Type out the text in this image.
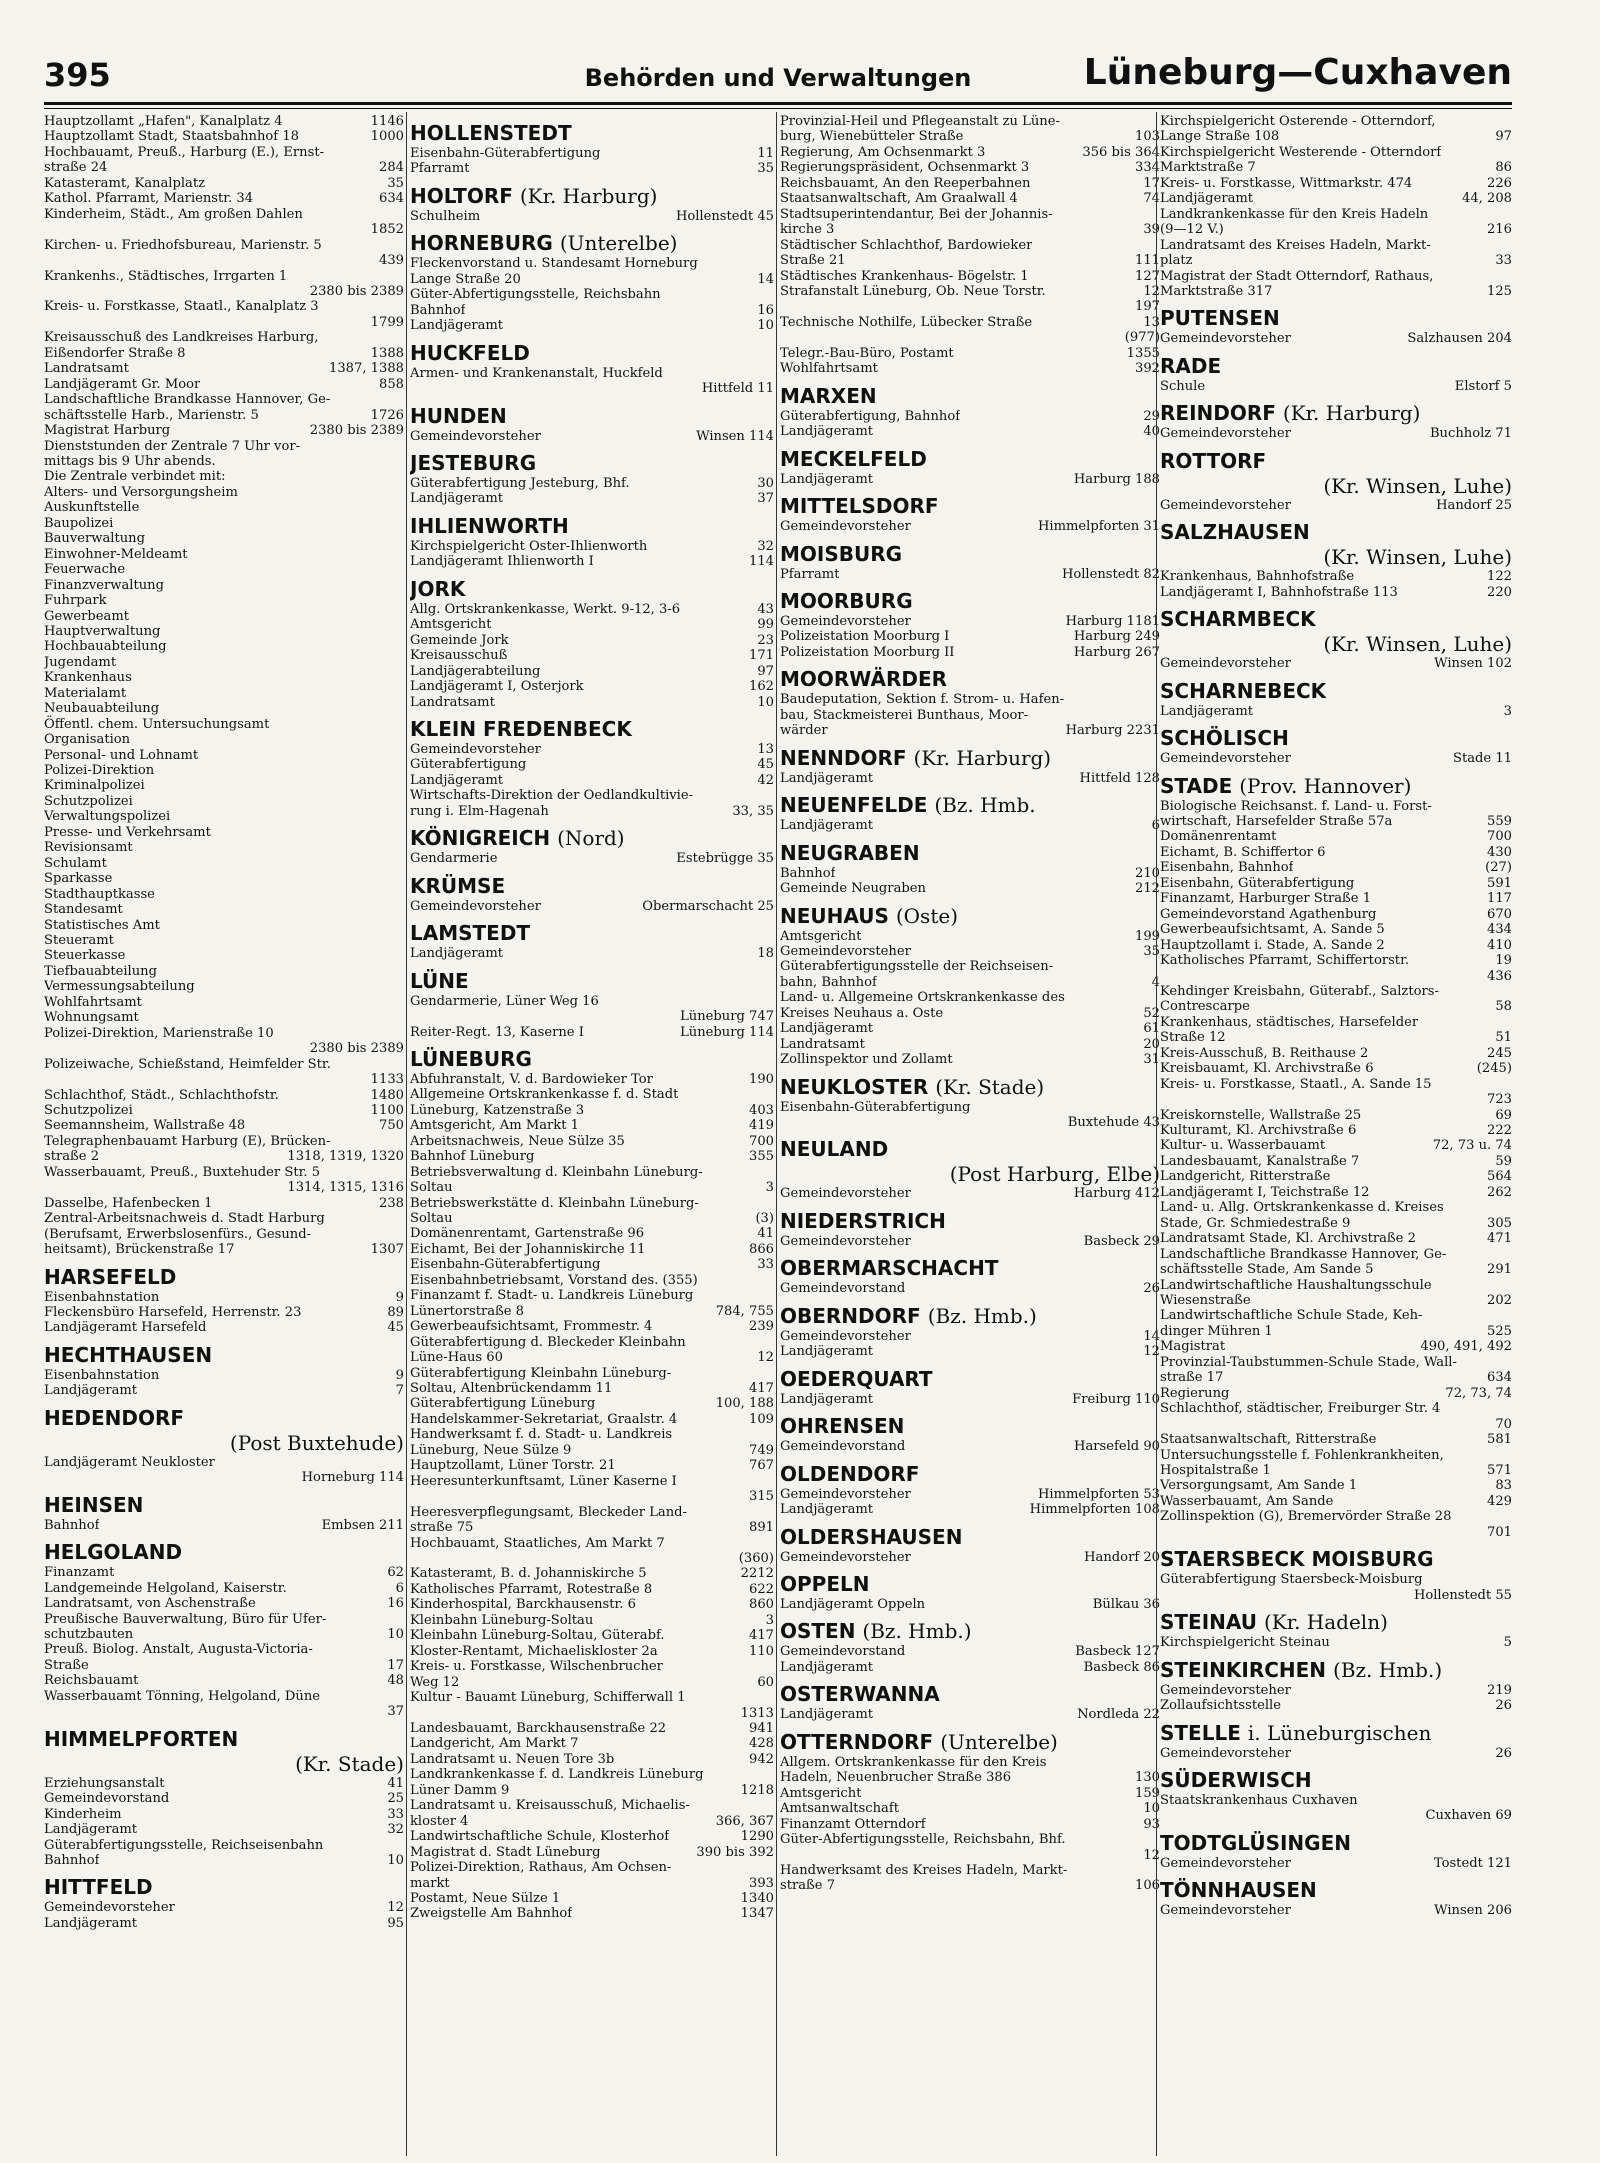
395	Behörden und Verwaltungen	Lüneburg—Cuxhaven
Hauptzollamt „Hafen", Kanalplatz 4	1146
Hauptzollamt Stadt, Staatsbahnhof 18	1000
Hochbauamt, Preuß., Harburg (E.), Ernst-
straße 24	284
Katasteramt, Kanalplatz	35
Kathol. Pfarramt, Marienstr. 34	634
Kinderheim, Städt., Am großen Dahlen
1852
Kirchen- u. Friedhofsbureau, Marienstr. 5
439
Krankenhs., Städtisches, Irrgarten 1
2380 bis 2389
Kreis- u. Forstkasse, Staatl., Kanalplatz 3
1799
Kreisausschuß des Landkreises Harburg,
Eißendorfer Straße 8	1388
Landratsamt	1387, 1388
Landjägeramt Gr. Moor	858
Landschaftliche Brandkasse Hannover, Ge-
schäftsstelle Harb., Marienstr. 5	1726
Magistrat Harburg	2380 bis 2389
Dienststunden der Zentrale 7 Uhr vor-
mittags bis 9 Uhr abends.
Die Zentrale verbindet mit:
Alters- und Versorgungsheim
Auskunftstelle
Baupolizei
Bauverwaltung
Einwohner-Meldeamt
Feuerwache
Finanzverwaltung
Fuhrpark
Gewerbeamt
Hauptverwaltung
Hochbauabteilung
Jugendamt
Krankenhaus
Materialamt
Neubauabteilung
Öffentl. chem. Untersuchungsamt
Organisation
Personal- und Lohnamt
Polizei-Direktion
Kriminalpolizei
Schutzpolizei
Verwaltungspolizei
Presse- und Verkehrsamt
Revisionsamt
Schulamt
Sparkasse
Stadthauptkasse
Standesamt
Statistisches Amt
Steueramt
Steuerkasse
Tiefbauabteilung
Vermessungsabteilung
Wohlfahrtsamt
Wohnungsamt
Polizei-Direktion, Marienstraße 10
2380 bis 2389
Polizeiwache, Schießstand, Heimfelder Str.
1133
Schlachthof, Städt., Schlachthofstr.	1480
Schutzpolizei	1100
Seemannsheim, Wallstraße 48	750
Telegraphenbauamt Harburg (E), Brücken-
straße 2	1318, 1319, 1320
Wasserbauamt, Preuß., Buxtehuder Str. 5
1314, 1315, 1316
Dasselbe, Hafenbecken 1	238
Zentral-Arbeitsnachweis d. Stadt Harburg
(Berufsamt, Erwerbslosenfürs., Gesund-
heitsamt), Brückenstraße 17	1307
HARSEFELD
Eisenbahnstation	9
Fleckensbüro Harsefeld, Herrenstr. 23	89
Landjägeramt Harsefeld	45
HECHTHAUSEN
Eisenbahnstation	9
Landjägeramt	7
HEDENDORF
(Post Buxtehude)
Landjägeramt Neukloster
Horneburg 114
HEINSEN
Bahnhof	Embsen 211
HELGOLAND
Finanzamt	62
Landgemeinde Helgoland, Kaiserstr.	6
Landratsamt, von Aschenstraße	16
Preußische Bauverwaltung, Büro für Ufer-
schutzbauten	10
Preuß. Biolog. Anstalt, Augusta-Victoria-
Straße	17
Reichsbauamt	48
Wasserbauamt Tönning, Helgoland, Düne
37
HIMMELPFORTEN
(Kr. Stade)
Erziehungsanstalt	41
Gemeindevorstand	25
Kinderheim	33
Landjägeramt	32
Güterabfertigungsstelle, Reichseisenbahn
Bahnhof	10
HITTFELD
Gemeindevorsteher	12
Landjägeramt	95
HOLLENSTEDT
Eisenbahn-Güterabfertigung	11
Pfarramt	35
HOLTORF (Kr. Harburg)
Schulheim	Hollenstedt 45
HORNEBURG (Unterelbe)
Fleckenvorstand u. Standesamt Horneburg
Lange Straße 20	14
Güter-Abfertigungsstelle, Reichsbahn
Bahnhof	16
Landjägeramt	10
HUCKFELD
Armen- und Krankenanstalt, Huckfeld
Hittfeld 11
HUNDEN
Gemeindevorsteher	Winsen 114
JESTEBURG
Güterabfertigung Jesteburg, Bhf.	30
Landjägeramt	37
IHLIENWORTH
Kirchspielgericht Oster-Ihlienworth	32
Landjägeramt Ihlienworth I	114
JORK
Allg. Ortskrankenkasse, Werkt. 9-12, 3-6	43
Amtsgericht	99
Gemeinde Jork	23
Kreisausschuß	171
Landjägerabteilung	97
Landjägeramt I, Osterjork	162
Landratsamt	10
KLEIN FREDENBECK
Gemeindevorsteher	13
Güterabfertigung	45
Landjägeramt	42
Wirtschafts-Direktion der Oedlandkultivie-
rung i. Elm-Hagenah	33, 35
KÖNIGREICH (Nord)
Gendarmerie	Estebrügge 35
KRÜMSE
Gemeindevorsteher	Obermarschacht 25
LAMSTEDT
Landjägeramt	18
LÜNE
Gendarmerie, Lüner Weg 16
Lüneburg 747
Reiter-Regt. 13, Kaserne I	Lüneburg 114
LÜNEBURG
Abfuhranstalt, V. d. Bardowieker Tor	190
Allgemeine Ortskrankenkasse f. d. Stadt
Lüneburg, Katzenstraße 3	403
Amtsgericht, Am Markt 1	419
Arbeitsnachweis, Neue Sülze 35	700
Bahnhof Lüneburg	355
Betriebsverwaltung d. Kleinbahn Lüneburg-
Soltau	3
Betriebswerkstätte d. Kleinbahn Lüneburg-
Soltau	(3)
Domänenrentamt, Gartenstraße 96	41
Eichamt, Bei der Johanniskirche 11	866
Eisenbahn-Güterabfertigung	33
Eisenbahnbetriebsamt, Vorstand des. (355)
Finanzamt f. Stadt- u. Landkreis Lüneburg
Lünertorstraße 8	784, 755
Gewerbeaufsichtsamt, Frommestr. 4	239
Güterabfertigung d. Bleckeder Kleinbahn
Lüne-Haus 60	12
Güterabfertigung Kleinbahn Lüneburg-
Soltau, Altenbrückendamm 11	417
Güterabfertigung Lüneburg	100, 188
Handelskammer-Sekretariat, Graalstr. 4	109
Handwerksamt f. d. Stadt- u. Landkreis
Lüneburg, Neue Sülze 9	749
Hauptzollamt, Lüner Torstr. 21	767
Heeresunterkunftsamt, Lüner Kaserne I
315
Heeresverpflegungsamt, Bleckeder Land-
straße 75	891
Hochbauamt, Staatliches, Am Markt 7
(360)
Katasteramt, B. d. Johanniskirche 5	2212
Katholisches Pfarramt, Rotestraße 8	622
Kinderhospital, Barckhausenstr. 6	860
Kleinbahn Lüneburg-Soltau	3
Kleinbahn Lüneburg-Soltau, Güterabf.	417
Kloster-Rentamt, Michaeliskloster 2a	110
Kreis- u. Forstkasse, Wilschenbrucher
Weg 12	60
Kultur - Bauamt Lüneburg, Schifferwall 1
1313
Landesbauamt, Barckhausenstraße 22	941
Landgericht, Am Markt 7	428
Landratsamt u. Neuen Tore 3b	942
Landkrankenkasse f. d. Landkreis Lüneburg
Lüner Damm 9	1218
Landratsamt u. Kreisausschuß, Michaelis-
kloster 4	366, 367
Landwirtschaftliche Schule, Klosterhof	1290
Magistrat d. Stadt Lüneburg	390 bis 392
Polizei-Direktion, Rathaus, Am Ochsen-
markt	393
Postamt, Neue Sülze 1	1340
Zweigstelle Am Bahnhof	1347
Provinzial-Heil und Pflegeanstalt zu Lüne-
burg, Wienebütteler Straße	103
Regierung, Am Ochsenmarkt 3	356 bis 364
Regierungspräsident, Ochsenmarkt 3	334
Reichsbauamt, An den Reeperbahnen	17
Staatsanwaltschaft, Am Graalwall 4	74
Stadtsuperintendantur, Bei der Johannis-
kirche 3	39
Städtischer Schlachthof, Bardowieker
Straße 21	111
Städtisches Krankenhaus- Bögelstr. 1	127
Strafanstalt Lüneburg, Ob. Neue Torstr.	12
197
Technische Nothilfe, Lübecker Straße	13
(977)
Telegr.-Bau-Büro, Postamt	1355
Wohlfahrtsamt	392
MARXEN
Güterabfertigung, Bahnhof	29
Landjägeramt	40
MECKELFELD
Landjägeramt	Harburg 188
MITTELSDORF
Gemeindevorsteher	Himmelpforten 31
MOISBURG
Pfarramt	Hollenstedt 82
MOORBURG
Gemeindevorsteher	Harburg 1181
Polizeistation Moorburg I	Harburg 249
Polizeistation Moorburg II	Harburg 267
MOORWÄRDER
Baudeputation, Sektion f. Strom- u. Hafen-
bau, Stackmeisterei Bunthaus, Moor-
wärder	Harburg 2231
NENNDORF (Kr. Harburg)
Landjägeramt	Hittfeld 128
NEUENFELDE (Bz. Hmb.
Landjägeramt	6
NEUGRABEN
Bahnhof	210
Gemeinde Neugraben	212
NEUHAUS (Oste)
Amtsgericht	199
Gemeindevorsteher	35
Güterabfertigungsstelle der Reichseisen-
bahn, Bahnhof	4
Land- u. Allgemeine Ortskrankenkasse des
Kreises Neuhaus a. Oste	52
Landjägeramt	61
Landratsamt	20
Zollinspektor und Zollamt	31
NEUKLOSTER (Kr. Stade)
Eisenbahn-Güterabfertigung
Buxtehude 43
NEULAND
(Post Harburg, Elbe)
Gemeindevorsteher	Harburg 412
NIEDERSTRICH
Gemeindevorsteher	Basbeck 29
OBERMARSCHACHT
Gemeindevorstand	26
OBERNDORF (Bz. Hmb.)
Gemeindevorsteher	14
Landjägeramt	12
OEDERQUART
Landjägeramt	Freiburg 110
OHRENSEN
Gemeindevorstand	Harsefeld 90
OLDENDORF
Gemeindevorsteher	Himmelpforten 53
Landjägeramt	Himmelpforten 108
OLDERSHAUSEN
Gemeindevorsteher	Handorf 20
OPPELN
Landjägeramt Oppeln	Bülkau 36
OSTEN (Bz. Hmb.)
Gemeindevorstand	Basbeck 127
Landjägeramt	Basbeck 86
OSTERWANNA
Landjägeramt	Nordleda 22
OTTERNDORF (Unterelbe)
Allgem. Ortskrankenkasse für den Kreis
Hadeln, Neuenbrucher Straße 386	130
Amtsgericht	159
Amtsanwaltschaft	10
Finanzamt Otterndorf	93
Güter-Abfertigungsstelle, Reichsbahn, Bhf.
12
Handwerksamt des Kreises Hadeln, Markt-
straße 7	106
Kirchspielgericht Osterende - Otterndorf,
Lange Straße 108	97
Kirchspielgericht Westerende - Otterndorf
Marktstraße 7	86
Kreis- u. Forstkasse, Wittmarkstr. 474	226
Landjägeramt	44, 208
Landkrankenkasse für den Kreis Hadeln
(9—12 V.)	216
Landratsamt des Kreises Hadeln, Markt-
platz	33
Magistrat der Stadt Otterndorf, Rathaus,
Marktstraße 317	125
PUTENSEN
Gemeindevorsteher	Salzhausen 204
RADE
Schule	Elstorf 5
REINDORF (Kr. Harburg)
Gemeindevorsteher	Buchholz 71
ROTTORF
(Kr. Winsen, Luhe)
Gemeindevorsteher	Handorf 25
SALZHAUSEN
(Kr. Winsen, Luhe)
Krankenhaus, Bahnhofstraße	122
Landjägeramt I, Bahnhofstraße 113	220
SCHARMBECK
(Kr. Winsen, Luhe)
Gemeindevorsteher	Winsen 102
SCHARNEBECK
Landjägeramt	3
SCHÖLISCH
Gemeindevorsteher	Stade 11
STADE (Prov. Hannover)
Biologische Reichsanst. f. Land- u. Forst-
wirtschaft, Harsefelder Straße 57a	559
Domänenrentamt	700
Eichamt, B. Schiffertor 6	430
Eisenbahn, Bahnhof	(27)
Eisenbahn, Güterabfertigung	591
Finanzamt, Harburger Straße 1	117
Gemeindevorstand Agathenburg	670
Gewerbeaufsichtsamt, A. Sande 5	434
Hauptzollamt i. Stade, A. Sande 2	410
Katholisches Pfarramt, Schiffertorstr.	19
436
Kehdinger Kreisbahn, Güterabf., Salztors-
Contrescarpe	58
Krankenhaus, städtisches, Harsefelder
Straße 12	51
Kreis-Ausschuß, B. Reithause 2	245
Kreisbauamt, Kl. Archivstraße 6	(245)
Kreis- u. Forstkasse, Staatl., A. Sande 15
723
Kreiskornstelle, Wallstraße 25	69
Kulturamt, Kl. Archivstraße 6	222
Kultur- u. Wasserbauamt	72, 73 u. 74
Landesbauamt, Kanalstraße 7	59
Landgericht, Ritterstraße	564
Landjägeramt I, Teichstraße 12	262
Land- u. Allg. Ortskrankenkasse d. Kreises
Stade, Gr. Schmiedestraße 9	305
Landratsamt Stade, Kl. Archivstraße 2	471
Landschaftliche Brandkasse Hannover, Ge-
schäftsstelle Stade, Am Sande 5	291
Landwirtschaftliche Haushaltungsschule
Wiesenstraße	202
Landwirtschaftliche Schule Stade, Keh-
dinger Mühren 1	525
Magistrat	490, 491, 492
Provinzial-Taubstummen-Schule Stade, Wall-
straße 17	634
Regierung	72, 73, 74
Schlachthof, städtischer, Freiburger Str. 4
70
Staatsanwaltschaft, Ritterstraße	581
Untersuchungsstelle f. Fohlenkrankheiten,
Hospitalstraße 1	571
Versorgungsamt, Am Sande 1	83
Wasserbauamt, Am Sande	429
Zollinspektion (G), Bremervörder Straße 28
701
STAERSBECK MOISBURG
Güterabfertigung Staersbeck-Moisburg
Hollenstedt 55
STEINAU (Kr. Hadeln)
Kirchspielgericht Steinau	5
STEINKIRCHEN (Bz. Hmb.)
Gemeindevorsteher	219
Zollaufsichtsstelle	26
STELLE i. Lüneburgischen
Gemeindevorsteher	26
SÜDERWISCH
Staatskrankenhaus Cuxhaven
Cuxhaven 69
TODTGLÜSINGEN
Gemeindevorsteher	Tostedt 121
TÖNNHAUSEN
Gemeindevorsteher	Winsen 206
